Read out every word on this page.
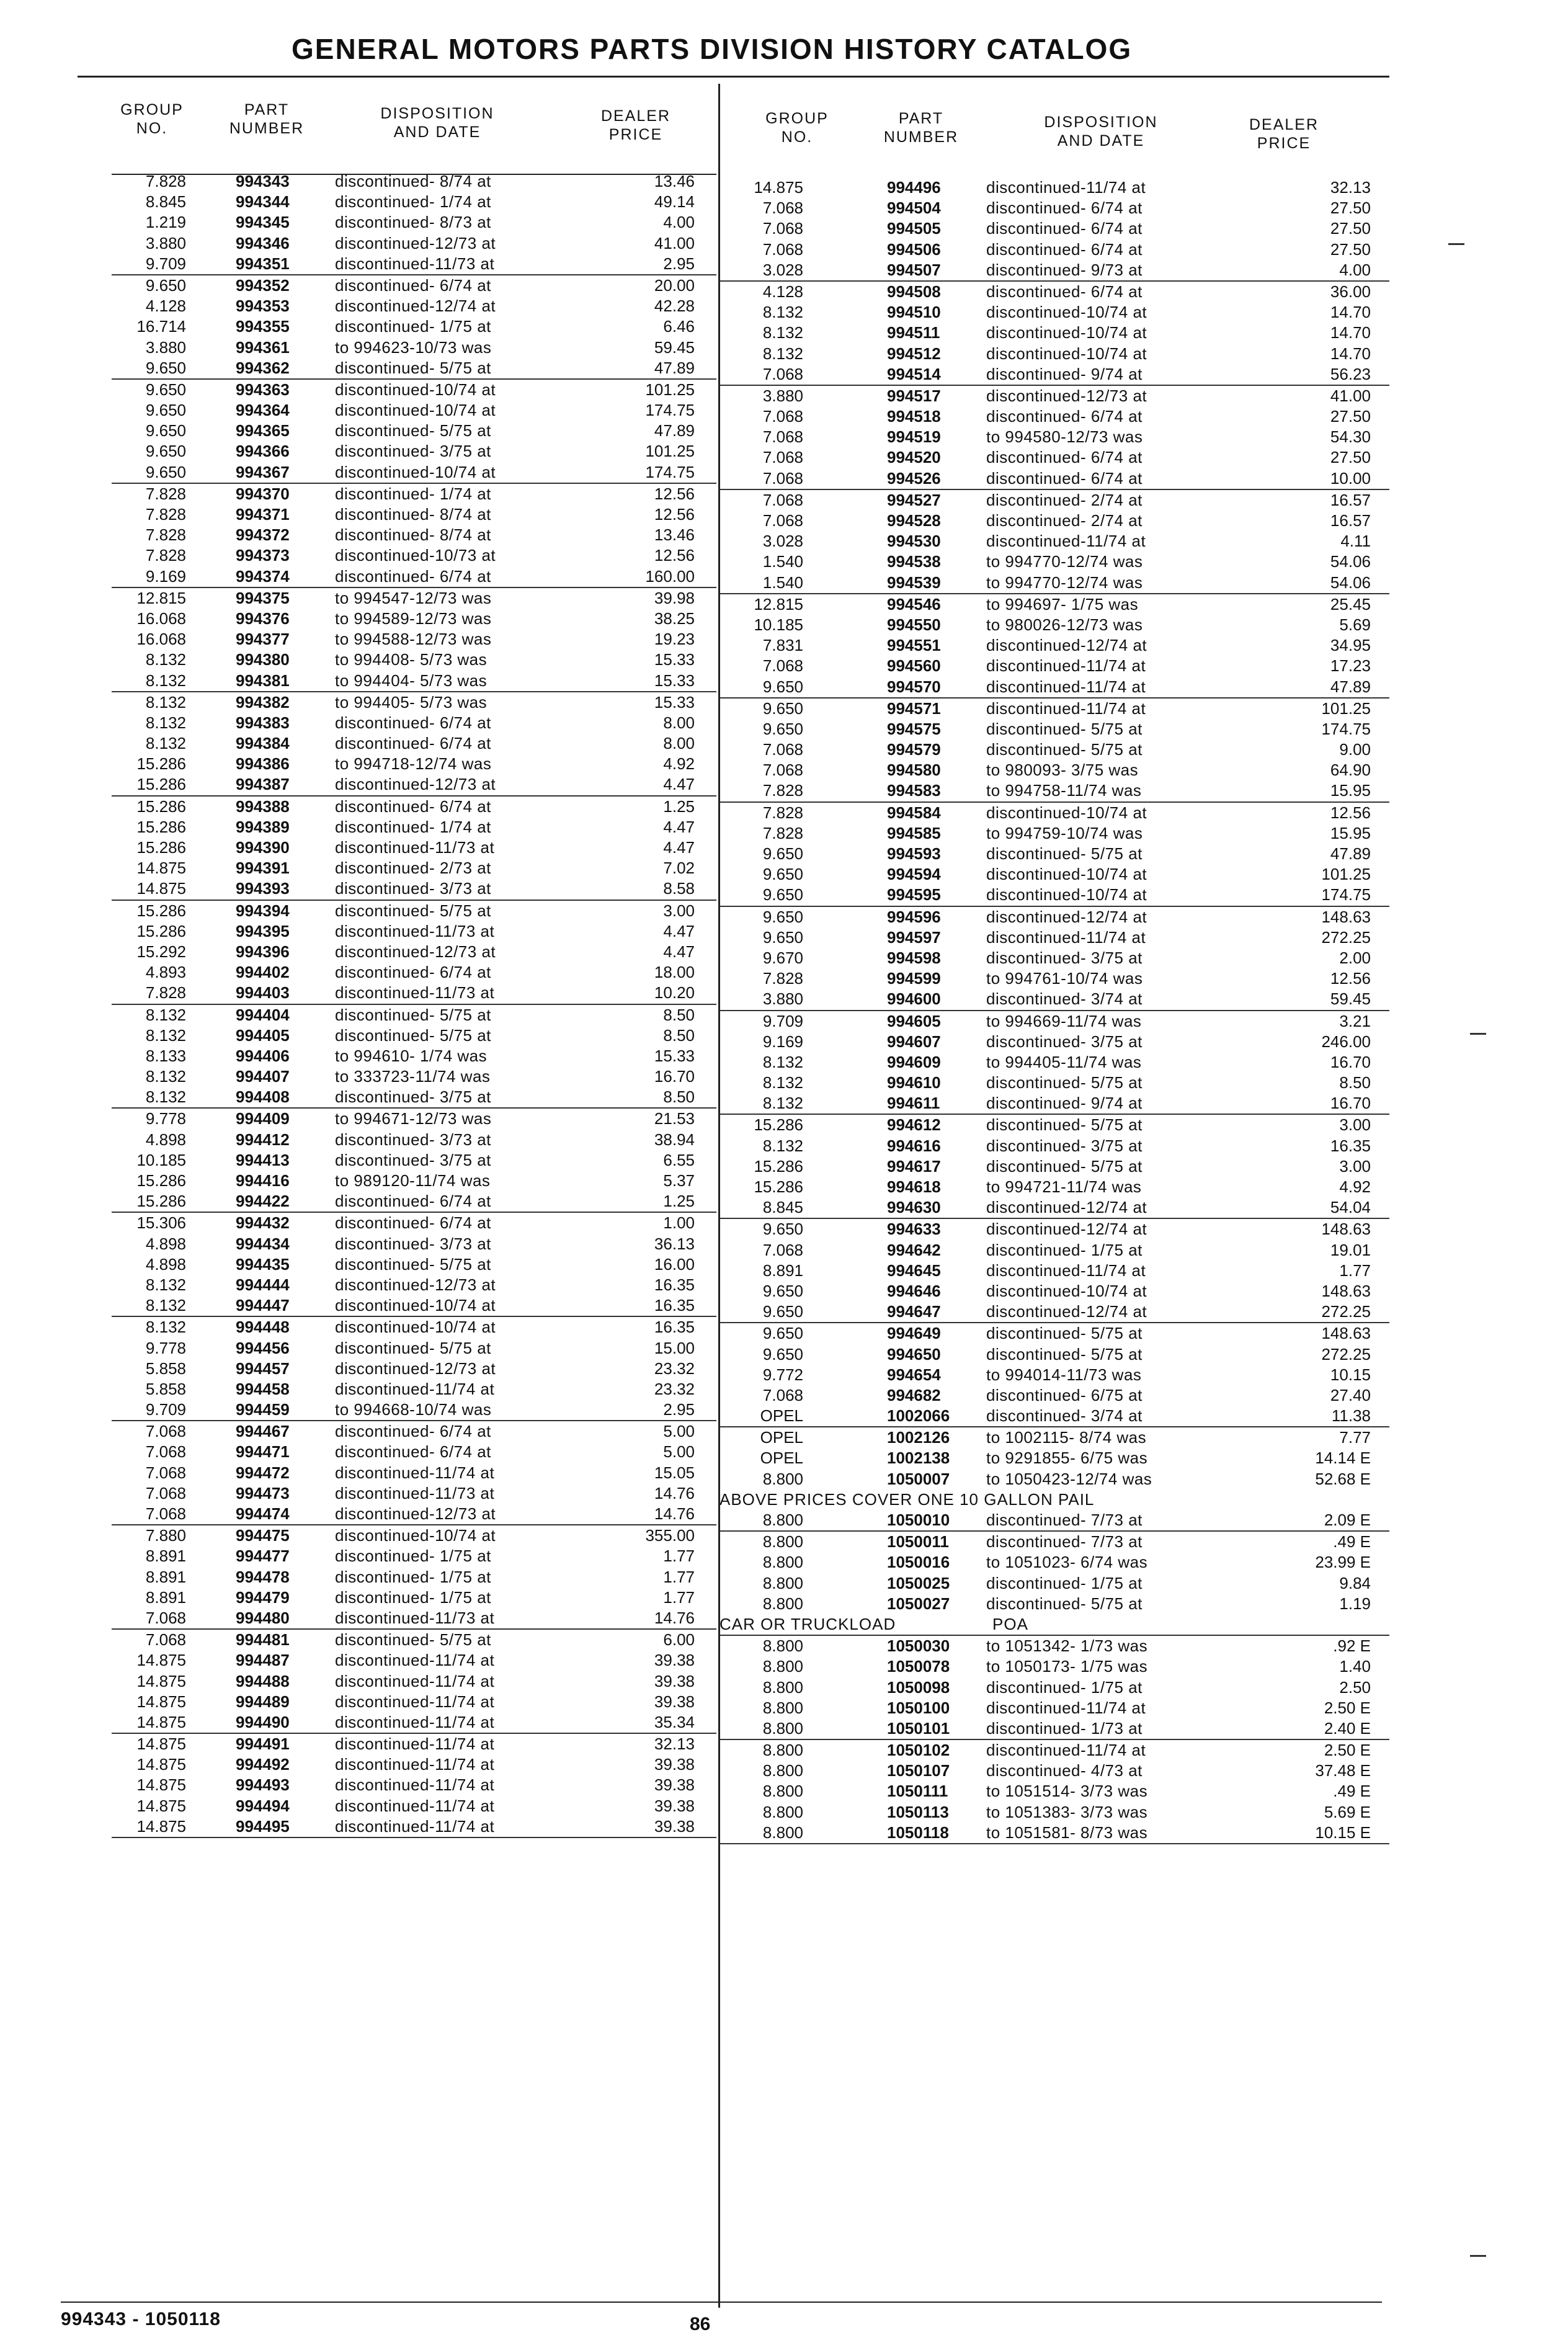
GENERAL MOTORS PARTS DIVISION HISTORY CATALOG
GROUP NO.
PART NUMBER
DISPOSITION AND DATE
DEALER PRICE
GROUP NO.
PART NUMBER
DISPOSITION AND DATE
DEALER PRICE
7.828	994343	discontinued- 8/74 at	13.46
8.845	994344	discontinued- 1/74 at	49.14
1.219	994345	discontinued- 8/73 at	4.00
3.880	994346	discontinued-12/73 at	41.00
9.709	994351	discontinued-11/73 at	2.95
9.650	994352	discontinued- 6/74 at	20.00
4.128	994353	discontinued-12/74 at	42.28
16.714	994355	discontinued- 1/75 at	6.46
3.880	994361	to 994623-10/73 was	59.45
9.650	994362	discontinued- 5/75 at	47.89
9.650	994363	discontinued-10/74 at	101.25
9.650	994364	discontinued-10/74 at	174.75
9.650	994365	discontinued- 5/75 at	47.89
9.650	994366	discontinued- 3/75 at	101.25
9.650	994367	discontinued-10/74 at	174.75
7.828	994370	discontinued- 1/74 at	12.56
7.828	994371	discontinued- 8/74 at	12.56
7.828	994372	discontinued- 8/74 at	13.46
7.828	994373	discontinued-10/73 at	12.56
9.169	994374	discontinued- 6/74 at	160.00
12.815	994375	to 994547-12/73 was	39.98
16.068	994376	to 994589-12/73 was	38.25
16.068	994377	to 994588-12/73 was	19.23
8.132	994380	to 994408- 5/73 was	15.33
8.132	994381	to 994404- 5/73 was	15.33
8.132	994382	to 994405- 5/73 was	15.33
8.132	994383	discontinued- 6/74 at	8.00
8.132	994384	discontinued- 6/74 at	8.00
15.286	994386	to 994718-12/74 was	4.92
15.286	994387	discontinued-12/73 at	4.47
15.286	994388	discontinued- 6/74 at	1.25
15.286	994389	discontinued- 1/74 at	4.47
15.286	994390	discontinued-11/73 at	4.47
14.875	994391	discontinued- 2/73 at	7.02
14.875	994393	discontinued- 3/73 at	8.58
15.286	994394	discontinued- 5/75 at	3.00
15.286	994395	discontinued-11/73 at	4.47
15.292	994396	discontinued-12/73 at	4.47
4.893	994402	discontinued- 6/74 at	18.00
7.828	994403	discontinued-11/73 at	10.20
8.132	994404	discontinued- 5/75 at	8.50
8.132	994405	discontinued- 5/75 at	8.50
8.133	994406	to 994610- 1/74 was	15.33
8.132	994407	to 333723-11/74 was	16.70
8.132	994408	discontinued- 3/75 at	8.50
9.778	994409	to 994671-12/73 was	21.53
4.898	994412	discontinued- 3/73 at	38.94
10.185	994413	discontinued- 3/75 at	6.55
15.286	994416	to 989120-11/74 was	5.37
15.286	994422	discontinued- 6/74 at	1.25
15.306	994432	discontinued- 6/74 at	1.00
4.898	994434	discontinued- 3/73 at	36.13
4.898	994435	discontinued- 5/75 at	16.00
8.132	994444	discontinued-12/73 at	16.35
8.132	994447	discontinued-10/74 at	16.35
8.132	994448	discontinued-10/74 at	16.35
9.778	994456	discontinued- 5/75 at	15.00
5.858	994457	discontinued-12/73 at	23.32
5.858	994458	discontinued-11/74 at	23.32
9.709	994459	to 994668-10/74 was	2.95
7.068	994467	discontinued- 6/74 at	5.00
7.068	994471	discontinued- 6/74 at	5.00
7.068	994472	discontinued-11/74 at	15.05
7.068	994473	discontinued-11/73 at	14.76
7.068	994474	discontinued-12/73 at	14.76
7.880	994475	discontinued-10/74 at	355.00
8.891	994477	discontinued- 1/75 at	1.77
8.891	994478	discontinued- 1/75 at	1.77
8.891	994479	discontinued- 1/75 at	1.77
7.068	994480	discontinued-11/73 at	14.76
7.068	994481	discontinued- 5/75 at	6.00
14.875	994487	discontinued-11/74 at	39.38
14.875	994488	discontinued-11/74 at	39.38
14.875	994489	discontinued-11/74 at	39.38
14.875	994490	discontinued-11/74 at	35.34
14.875	994491	discontinued-11/74 at	32.13
14.875	994492	discontinued-11/74 at	39.38
14.875	994493	discontinued-11/74 at	39.38
14.875	994494	discontinued-11/74 at	39.38
14.875	994495	discontinued-11/74 at	39.38
14.875	994496	discontinued-11/74 at	32.13
7.068	994504	discontinued- 6/74 at	27.50
7.068	994505	discontinued- 6/74 at	27.50
7.068	994506	discontinued- 6/74 at	27.50
3.028	994507	discontinued- 9/73 at	4.00
4.128	994508	discontinued- 6/74 at	36.00
8.132	994510	discontinued-10/74 at	14.70
8.132	994511	discontinued-10/74 at	14.70
8.132	994512	discontinued-10/74 at	14.70
7.068	994514	discontinued- 9/74 at	56.23
3.880	994517	discontinued-12/73 at	41.00
7.068	994518	discontinued- 6/74 at	27.50
7.068	994519	to 994580-12/73 was	54.30
7.068	994520	discontinued- 6/74 at	27.50
7.068	994526	discontinued- 6/74 at	10.00
7.068	994527	discontinued- 2/74 at	16.57
7.068	994528	discontinued- 2/74 at	16.57
3.028	994530	discontinued-11/74 at	4.11
1.540	994538	to 994770-12/74 was	54.06
1.540	994539	to 994770-12/74 was	54.06
12.815	994546	to 994697- 1/75 was	25.45
10.185	994550	to 980026-12/73 was	5.69
7.831	994551	discontinued-12/74 at	34.95
7.068	994560	discontinued-11/74 at	17.23
9.650	994570	discontinued-11/74 at	47.89
9.650	994571	discontinued-11/74 at	101.25
9.650	994575	discontinued- 5/75 at	174.75
7.068	994579	discontinued- 5/75 at	9.00
7.068	994580	to 980093- 3/75 was	64.90
7.828	994583	to 994758-11/74 was	15.95
7.828	994584	discontinued-10/74 at	12.56
7.828	994585	to 994759-10/74 was	15.95
9.650	994593	discontinued- 5/75 at	47.89
9.650	994594	discontinued-10/74 at	101.25
9.650	994595	discontinued-10/74 at	174.75
9.650	994596	discontinued-12/74 at	148.63
9.650	994597	discontinued-11/74 at	272.25
9.670	994598	discontinued- 3/75 at	2.00
7.828	994599	to 994761-10/74 was	12.56
3.880	994600	discontinued- 3/74 at	59.45
9.709	994605	to 994669-11/74 was	3.21
9.169	994607	discontinued- 3/75 at	246.00
8.132	994609	to 994405-11/74 was	16.70
8.132	994610	discontinued- 5/75 at	8.50
8.132	994611	discontinued- 9/74 at	16.70
15.286	994612	discontinued- 5/75 at	3.00
8.132	994616	discontinued- 3/75 at	16.35
15.286	994617	discontinued- 5/75 at	3.00
15.286	994618	to 994721-11/74 was	4.92
8.845	994630	discontinued-12/74 at	54.04
9.650	994633	discontinued-12/74 at	148.63
7.068	994642	discontinued- 1/75 at	19.01
8.891	994645	discontinued-11/74 at	1.77
9.650	994646	discontinued-10/74 at	148.63
9.650	994647	discontinued-12/74 at	272.25
9.650	994649	discontinued- 5/75 at	148.63
9.650	994650	discontinued- 5/75 at	272.25
9.772	994654	to 994014-11/73 was	10.15
7.068	994682	discontinued- 6/75 at	27.40
OPEL	1002066 discontinued- 3/74 at	11.38
OPEL	1002126 to 1002115- 8/74 was	7.77
OPEL	1002138 to 9291855- 6/75 was	14.14 E
8.800	1050007 to 1050423-12/74 was	52.68 E
ABOVE PRICES COVER ONE 10 GALLON PAIL
8.800	1050010 discontinued- 7/73 at	2.09 E
8.800	1050011 discontinued- 7/73 at	.49 E
8.800	1050016 to 1051023- 6/74 was	23.99 E
8.800	1050025 discontinued- 1/75 at	9.84
8.800	1050027 discontinued- 5/75 at	1.19
CAR OR TRUCKLOAD	POA
8.800	1050030 to 1051342- 1/73 was	.92 E
8.800	1050078 to 1050173- 1/75 was	1.40
8.800	1050098 discontinued- 1/75 at	2.50
8.800	1050100 discontinued-11/74 at	2.50 E
8.800	1050101 discontinued- 1/73 at	2.40 E
8.800	1050102 discontinued-11/74 at	2.50 E
8.800	1050107 discontinued- 4/73 at	37.48 E
8.800	1050111 to 1051514- 3/73 was	.49 E
8.800	1050113 to 1051383- 3/73 was	5.69 E
8.800	1050118 to 1051581- 8/73 was	10.15 E
994343 - 1050118	86
